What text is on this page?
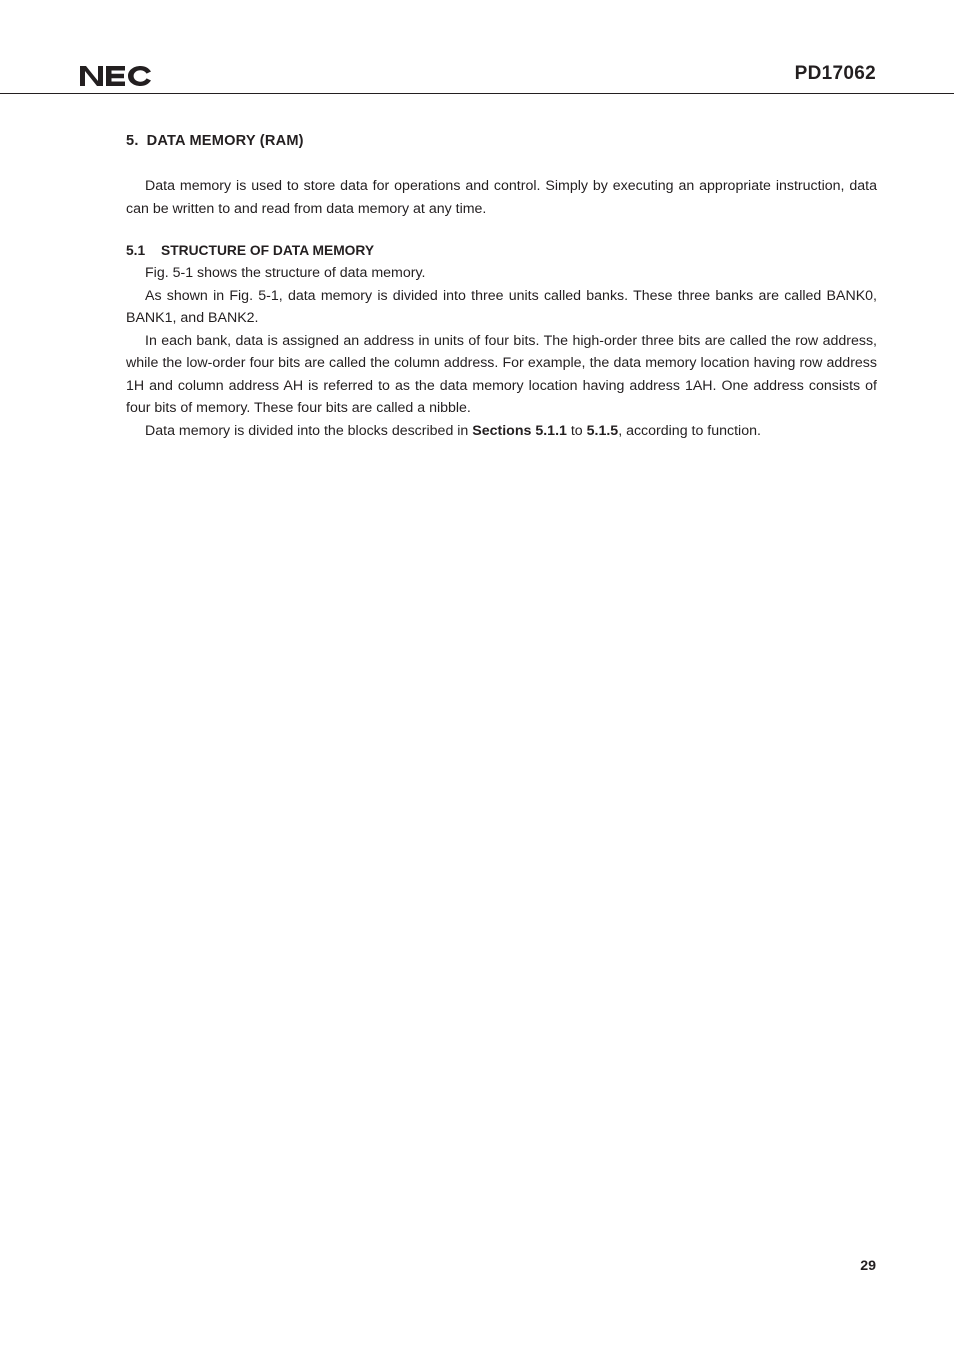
PD17062
5. DATA MEMORY (RAM)

Data memory is used to store data for operations and control. Simply by executing an appropriate instruction, data can be written to and read from data memory at any time.

5.1 STRUCTURE OF DATA MEMORY

Fig. 5-1 shows the structure of data memory.

As shown in Fig. 5-1, data memory is divided into three units called banks. These three banks are called BANK0, BANK1, and BANK2.

In each bank, data is assigned an address in units of four bits. The high-order three bits are called the row address, while the low-order four bits are called the column address. For example, the data memory location having row address 1H and column address AH is referred to as the data memory location having address 1AH. One address consists of four bits of memory. These four bits are called a nibble.

Data memory is divided into the blocks described in Sections 5.1.1 to 5.1.5, according to function.

29
